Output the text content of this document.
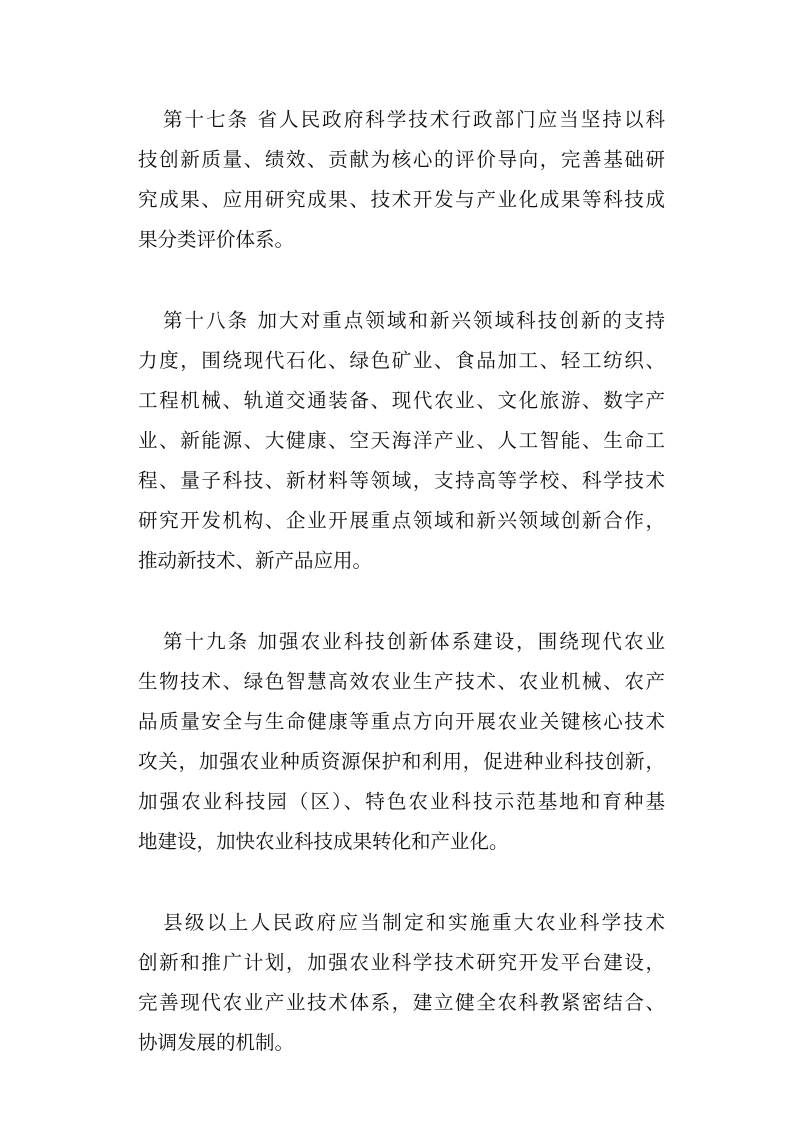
第十七条 省人民政府科学技术行政部门应当坚持以科
技创新质量、绩效、贡献为核心的评价导向，完善基础研
究成果、应用研究成果、技术开发与产业化成果等科技成
果分类评价体系。
第十八条 加大对重点领域和新兴领域科技创新的支持
力度，围绕现代石化、绿色矿业、食品加工、轻工纺织、
工程机械、轨道交通装备、现代农业、文化旅游、数字产
业、新能源、大健康、空天海洋产业、人工智能、生命工
程、量子科技、新材料等领域，支持高等学校、科学技术
研究开发机构、企业开展重点领域和新兴领域创新合作，
推动新技术、新产品应用。
第十九条 加强农业科技创新体系建设，围绕现代农业
生物技术、绿色智慧高效农业生产技术、农业机械、农产
品质量安全与生命健康等重点方向开展农业关键核心技术
攻关，加强农业种质资源保护和利用，促进种业科技创新，
加强农业科技园（区）、特色农业科技示范基地和育种基
地建设，加快农业科技成果转化和产业化。
县级以上人民政府应当制定和实施重大农业科学技术
创新和推广计划，加强农业科学技术研究开发平台建设，
完善现代农业产业技术体系，建立健全农科教紧密结合、
协调发展的机制。
